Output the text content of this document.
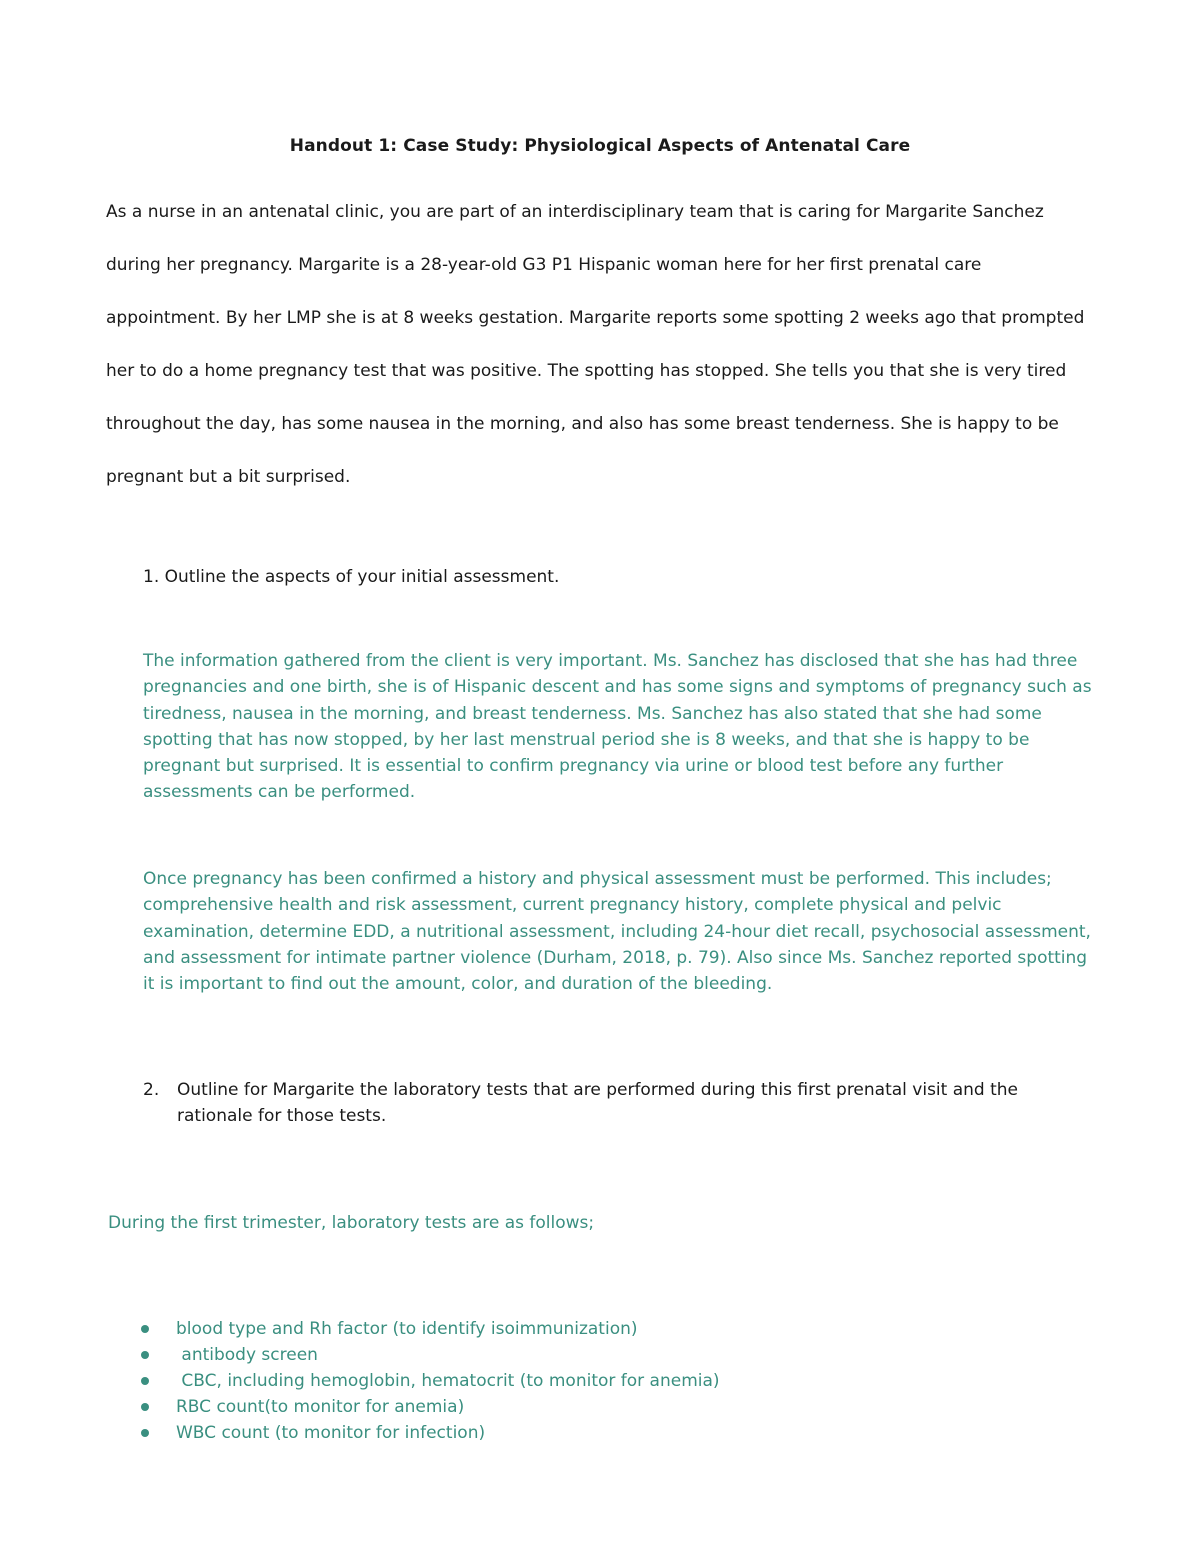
Handout 1: Case Study: Physiological Aspects of Antenatal Care

As a nurse in an antenatal clinic, you are part of an interdisciplinary team that is caring for Margarite Sanchez during her pregnancy. Margarite is a 28-year-old G3 P1 Hispanic woman here for her first prenatal care appointment. By her LMP she is at 8 weeks gestation. Margarite reports some spotting 2 weeks ago that prompted her to do a home pregnancy test that was positive. The spotting has stopped. She tells you that she is very tired throughout the day, has some nausea in the morning, and also has some breast tenderness. She is happy to be pregnant but a bit surprised.

1. Outline the aspects of your initial assessment.

The information gathered from the client is very important. Ms. Sanchez has disclosed that she has had three pregnancies and one birth, she is of Hispanic descent and has some signs and symptoms of pregnancy such as tiredness, nausea in the morning, and breast tenderness. Ms. Sanchez has also stated that she had some spotting that has now stopped, by her last menstrual period she is 8 weeks, and that she is happy to be pregnant but surprised. It is essential to confirm pregnancy via urine or blood test before any further assessments can be performed.

Once pregnancy has been confirmed a history and physical assessment must be performed. This includes; comprehensive health and risk assessment, current pregnancy history, complete physical and pelvic examination, determine EDD, a nutritional assessment, including 24-hour diet recall, psychosocial assessment, and assessment for intimate partner violence (Durham, 2018, p. 79). Also since Ms. Sanchez reported spotting it is important to find out the amount, color, and duration of the bleeding.

2. Outline for Margarite the laboratory tests that are performed during this first prenatal visit and the
rationale for those tests.

During the first trimester, laboratory tests are as follows;

blood type and Rh factor (to identify isoimmunization)
antibody screen
CBC, including hemoglobin, hematocrit (to monitor for anemia)
RBC count(to monitor for anemia)
WBC count (to monitor for infection)
